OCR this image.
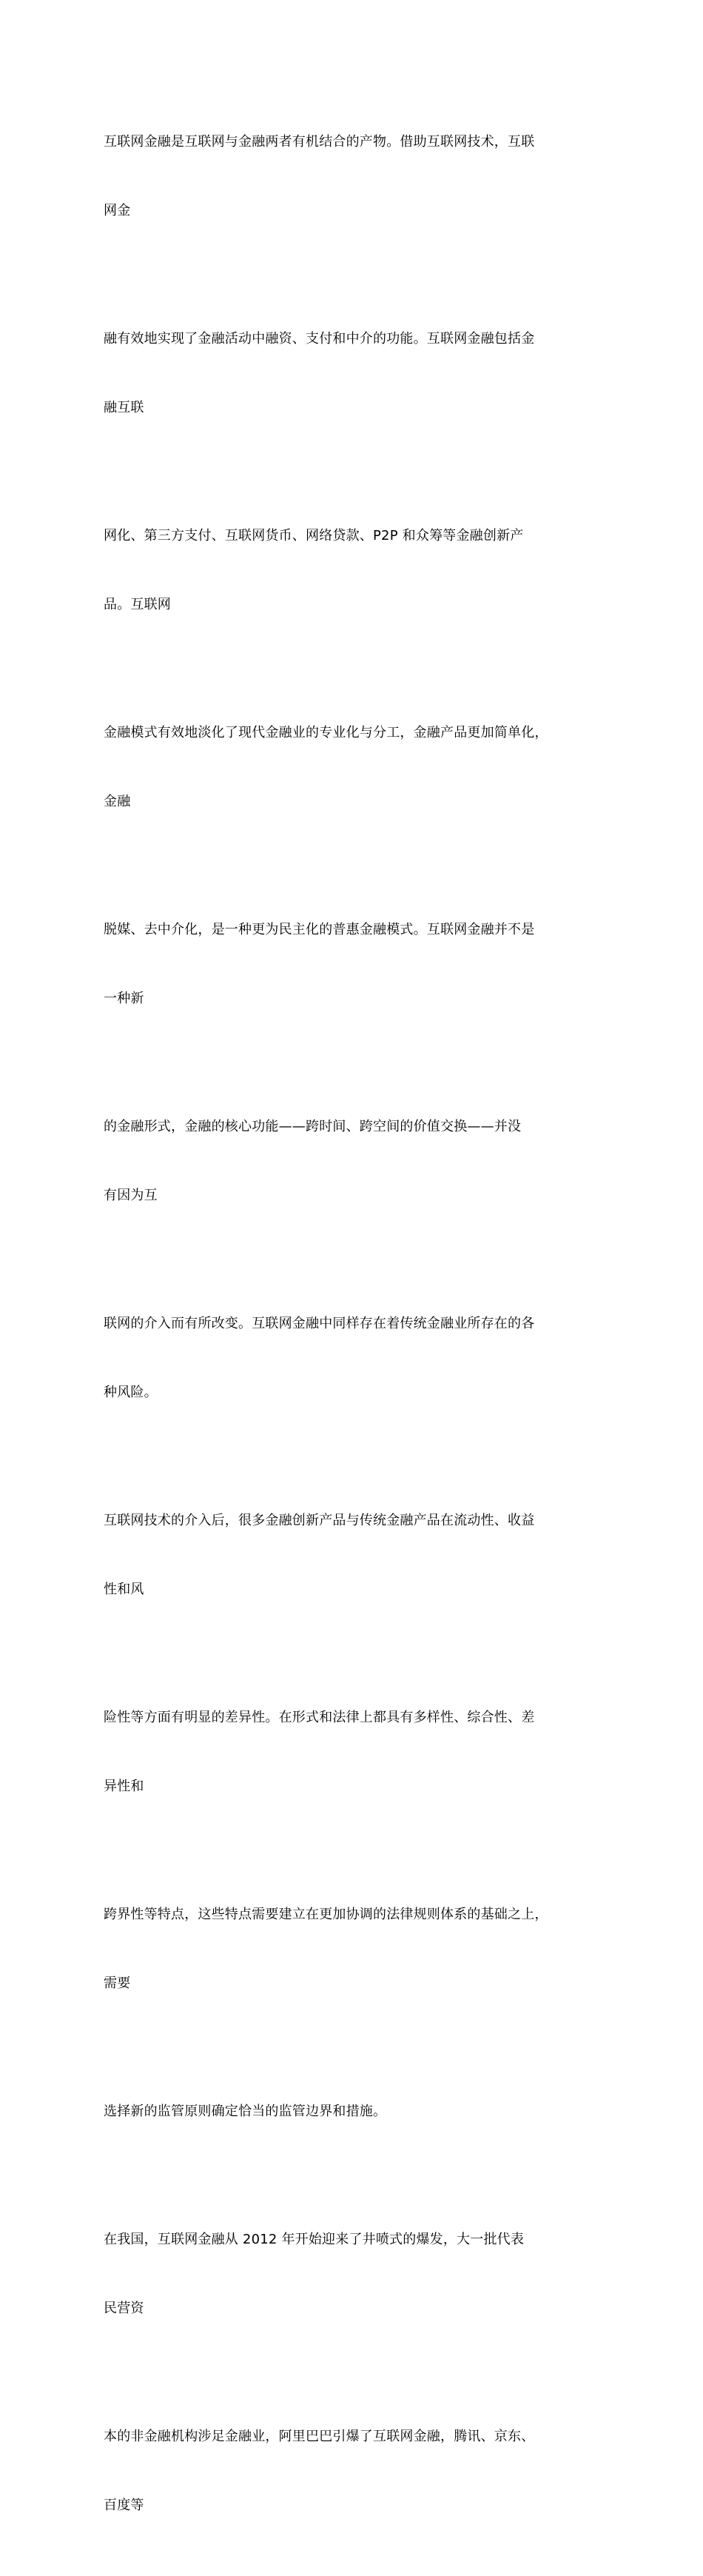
互联网金融是互联网与金融两者有机结合的产物。借助互联网技术，互联

网金

融有效地实现了金融活动中融资、支付和中介的功能。互联网金融包括金

融互联

网化、第三方支付、互联网货币、网络贷款、P2P 和众筹等金融创新产

品。互联网

金融模式有效地淡化了现代金融业的专业化与分工，金融产品更加简单化，

金融

脱媒、去中介化，是一种更为民主化的普惠金融模式。互联网金融并不是

一种新

的金融形式，金融的核心功能——跨时间、跨空间的价值交换——并没

有因为互

联网的介入而有所改变。互联网金融中同样存在着传统金融业所存在的各

种风险。

互联网技术的介入后，很多金融创新产品与传统金融产品在流动性、收益

性和风

险性等方面有明显的差异性。在形式和法律上都具有多样性、综合性、差

异性和

跨界性等特点，这些特点需要建立在更加协调的法律规则体系的基础之上，

需要

选择新的监管原则确定恰当的监管边界和措施。

在我国，互联网金融从 2012 年开始迎来了井喷式的爆发，大一批代表

民营资

本的非金融机构涉足金融业，阿里巴巴引爆了互联网金融，腾讯、京东、

百度等
